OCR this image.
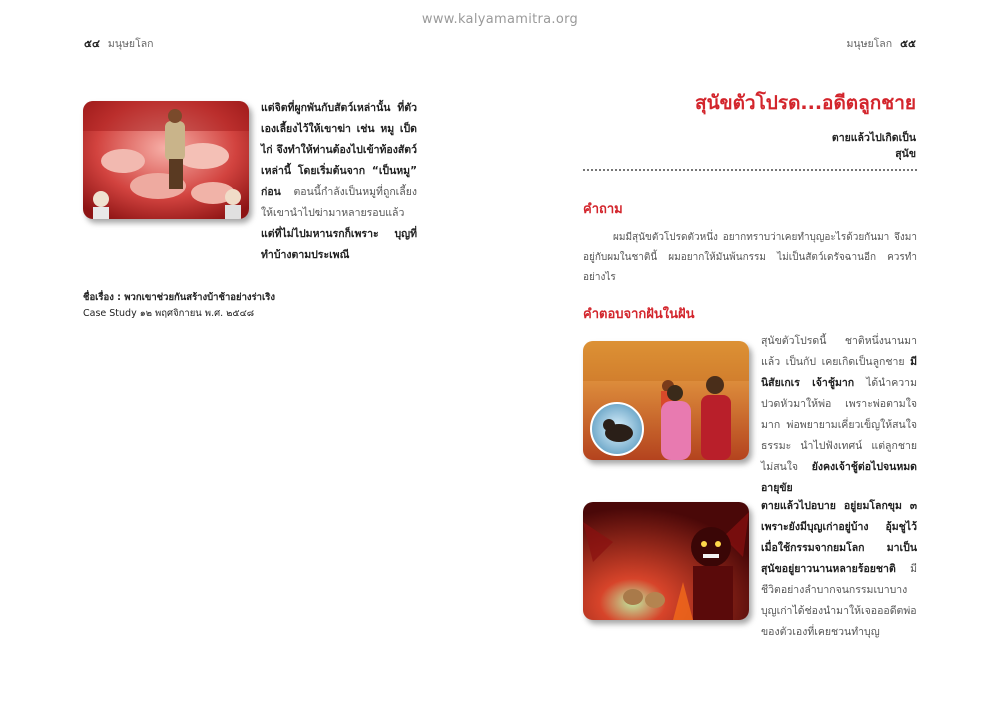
www.kalyamamitra.org
๕๔ มนุษยโลก	มนุษยโลก ๕๕
แต่จิตที่ผูกพันกับสัตว์เหล่านั้น ที่ตัวเองเลี้ยงไว้ให้เขาฆ่า เช่น หมู เป็ด ไก่ จึงทำให้ท่านต้องไปเข้าท้องสัตว์เหล่านี้ โดยเริ่มต้นจาก “เป็นหมู” ก่อน ตอนนี้กำลังเป็นหมูที่ถูกเลี้ยงให้เขานำไปฆ่ามาหลายรอบแล้ว แต่ที่ไม่ไปมหานรกก็เพราะ บุญที่ทำบ้างตามประเพณี
ชื่อเรื่อง : พวกเขาช่วยกันสร้างบ้าช้าอย่างร่าเริง
Case Study ๑๒ พฤศจิกายน พ.ศ. ๒๕๔๘
สุนัขตัวโปรด...อดีตลูกชาย
ตายแล้วไปเกิดเป็น
สุนัข
คำถาม
ผมมีสุนัขตัวโปรดตัวหนึ่ง อยากทราบว่าเคยทำบุญอะไรด้วยกันมา จึงมาอยู่กับผมในชาตินี้ ผมอยากให้มันพ้นกรรม ไม่เป็นสัตว์เดรัจฉานอีก ควรทำอย่างไร
คำตอบจากฝันในฝัน
สุนัขตัวโปรดนี้ ชาติหนึ่งนานมาแล้ว เป็นกัป เคยเกิดเป็นลูกชาย มีนิสัยเกเร เจ้าชู้มาก ได้นำความปวดหัวมาให้พ่อ เพราะพ่อตามใจมาก พ่อพยายามเคี่ยวเข็ญให้สนใจธรรมะ นำไปฟังเทศน์ แต่ลูกชายไม่สนใจ ยังคงเจ้าชู้ต่อไปจนหมดอายุขัย
ตายแล้วไปอบาย อยู่ยมโลกขุม ๓ เพราะยังมีบุญเก่าอยู่บ้าง อุ้มชูไว้ เมื่อใช้กรรมจากยมโลก มาเป็นสุนัขอยู่ยาวนานหลายร้อยชาติ มีชีวิตอย่างลำบากจนกรรมเบาบาง บุญเก่าได้ช่องนำมาให้เจอออดีตพ่อของตัวเองที่เคยชวนทำบุญ
